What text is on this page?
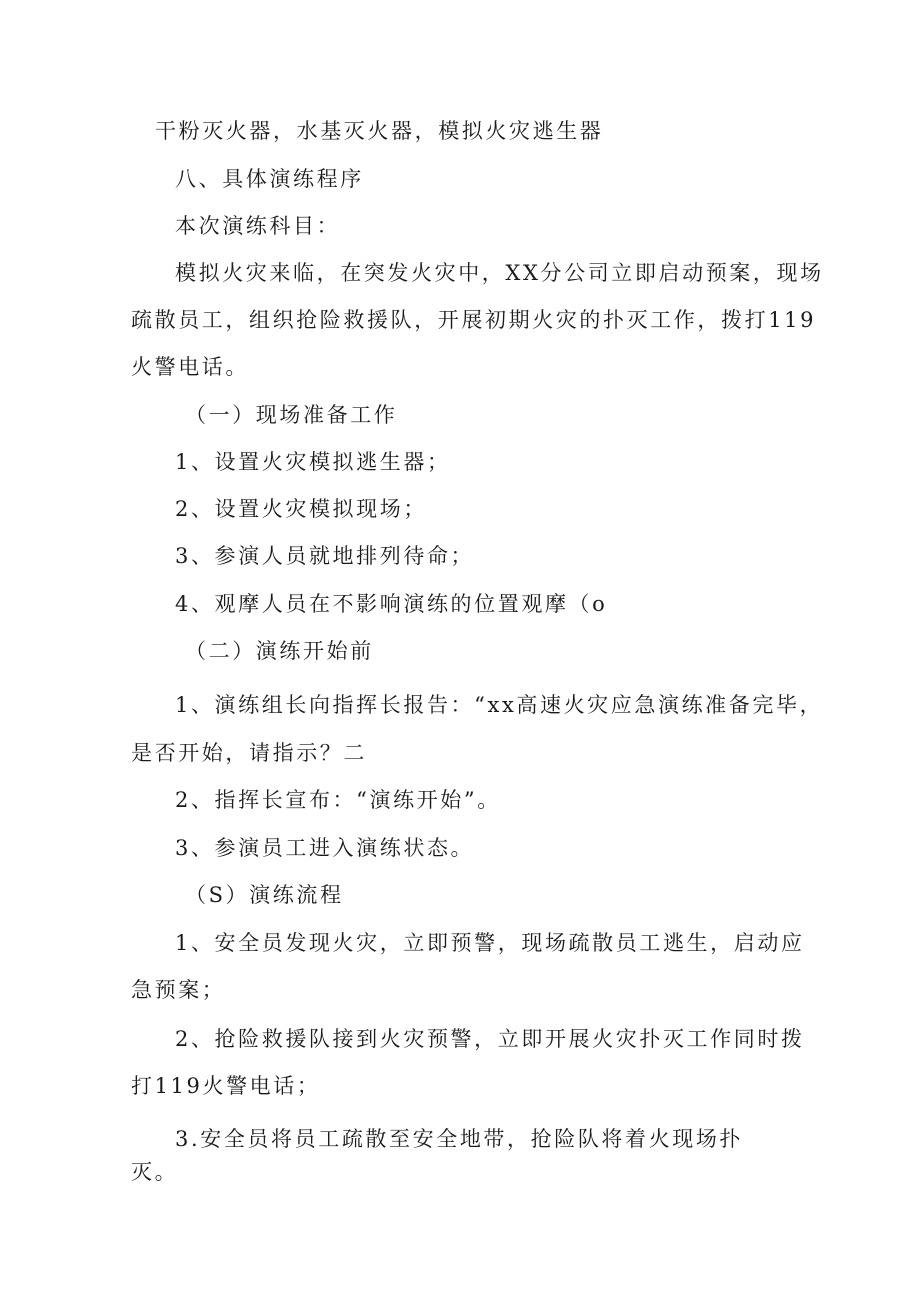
干粉灭火器，水基灭火器，模拟火灾逃生器
八、具体演练程序
本次演练科目：
模拟火灾来临，在突发火灾中，XX分公司立即启动预案，现场
疏散员工，组织抢险救援队，开展初期火灾的扑灭工作，拨打119
火警电话。
（一）现场准备工作
1、设置火灾模拟逃生器；
2、设置火灾模拟现场；
3、参演人员就地排列待命；
4、观摩人员在不影响演练的位置观摩（o
（二）演练开始前
1、演练组长向指挥长报告：“xx高速火灾应急演练准备完毕，
是否开始，请指示？二
2、指挥长宣布：“演练开始”。
3、参演员工进入演练状态。
（S）演练流程
1、安全员发现火灾，立即预警，现场疏散员工逃生，启动应
急预案；
2、抢险救援队接到火灾预警，立即开展火灾扑灭工作同时拨
打119火警电话；
3.安全员将员工疏散至安全地带，抢险队将着火现场扑
灭。
